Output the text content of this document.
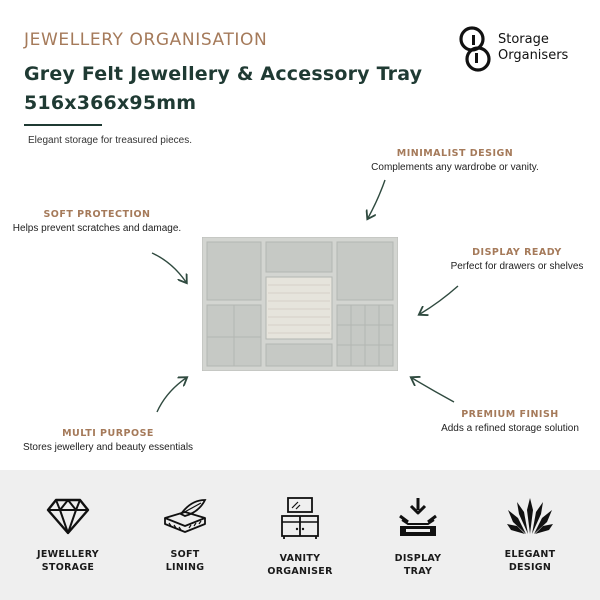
JEWELLERY ORGANISATION
Grey Felt Jewellery & Accessory Tray 516x366x95mm
Elegant storage for treasured pieces.
Storage
Organisers
MINIMALIST DESIGN
Complements any wardrobe or vanity.
SOFT PROTECTION
Helps prevent scratches and damage.
DISPLAY READY
Perfect for drawers or shelves
MULTI PURPOSE
Stores jewellery and beauty essentials
PREMIUM FINISH
Adds a refined storage solution
JEWELLERY
STORAGE
SOFT
LINING
VANITY
ORGANISER
DISPLAY
TRAY
ELEGANT
DESIGN
